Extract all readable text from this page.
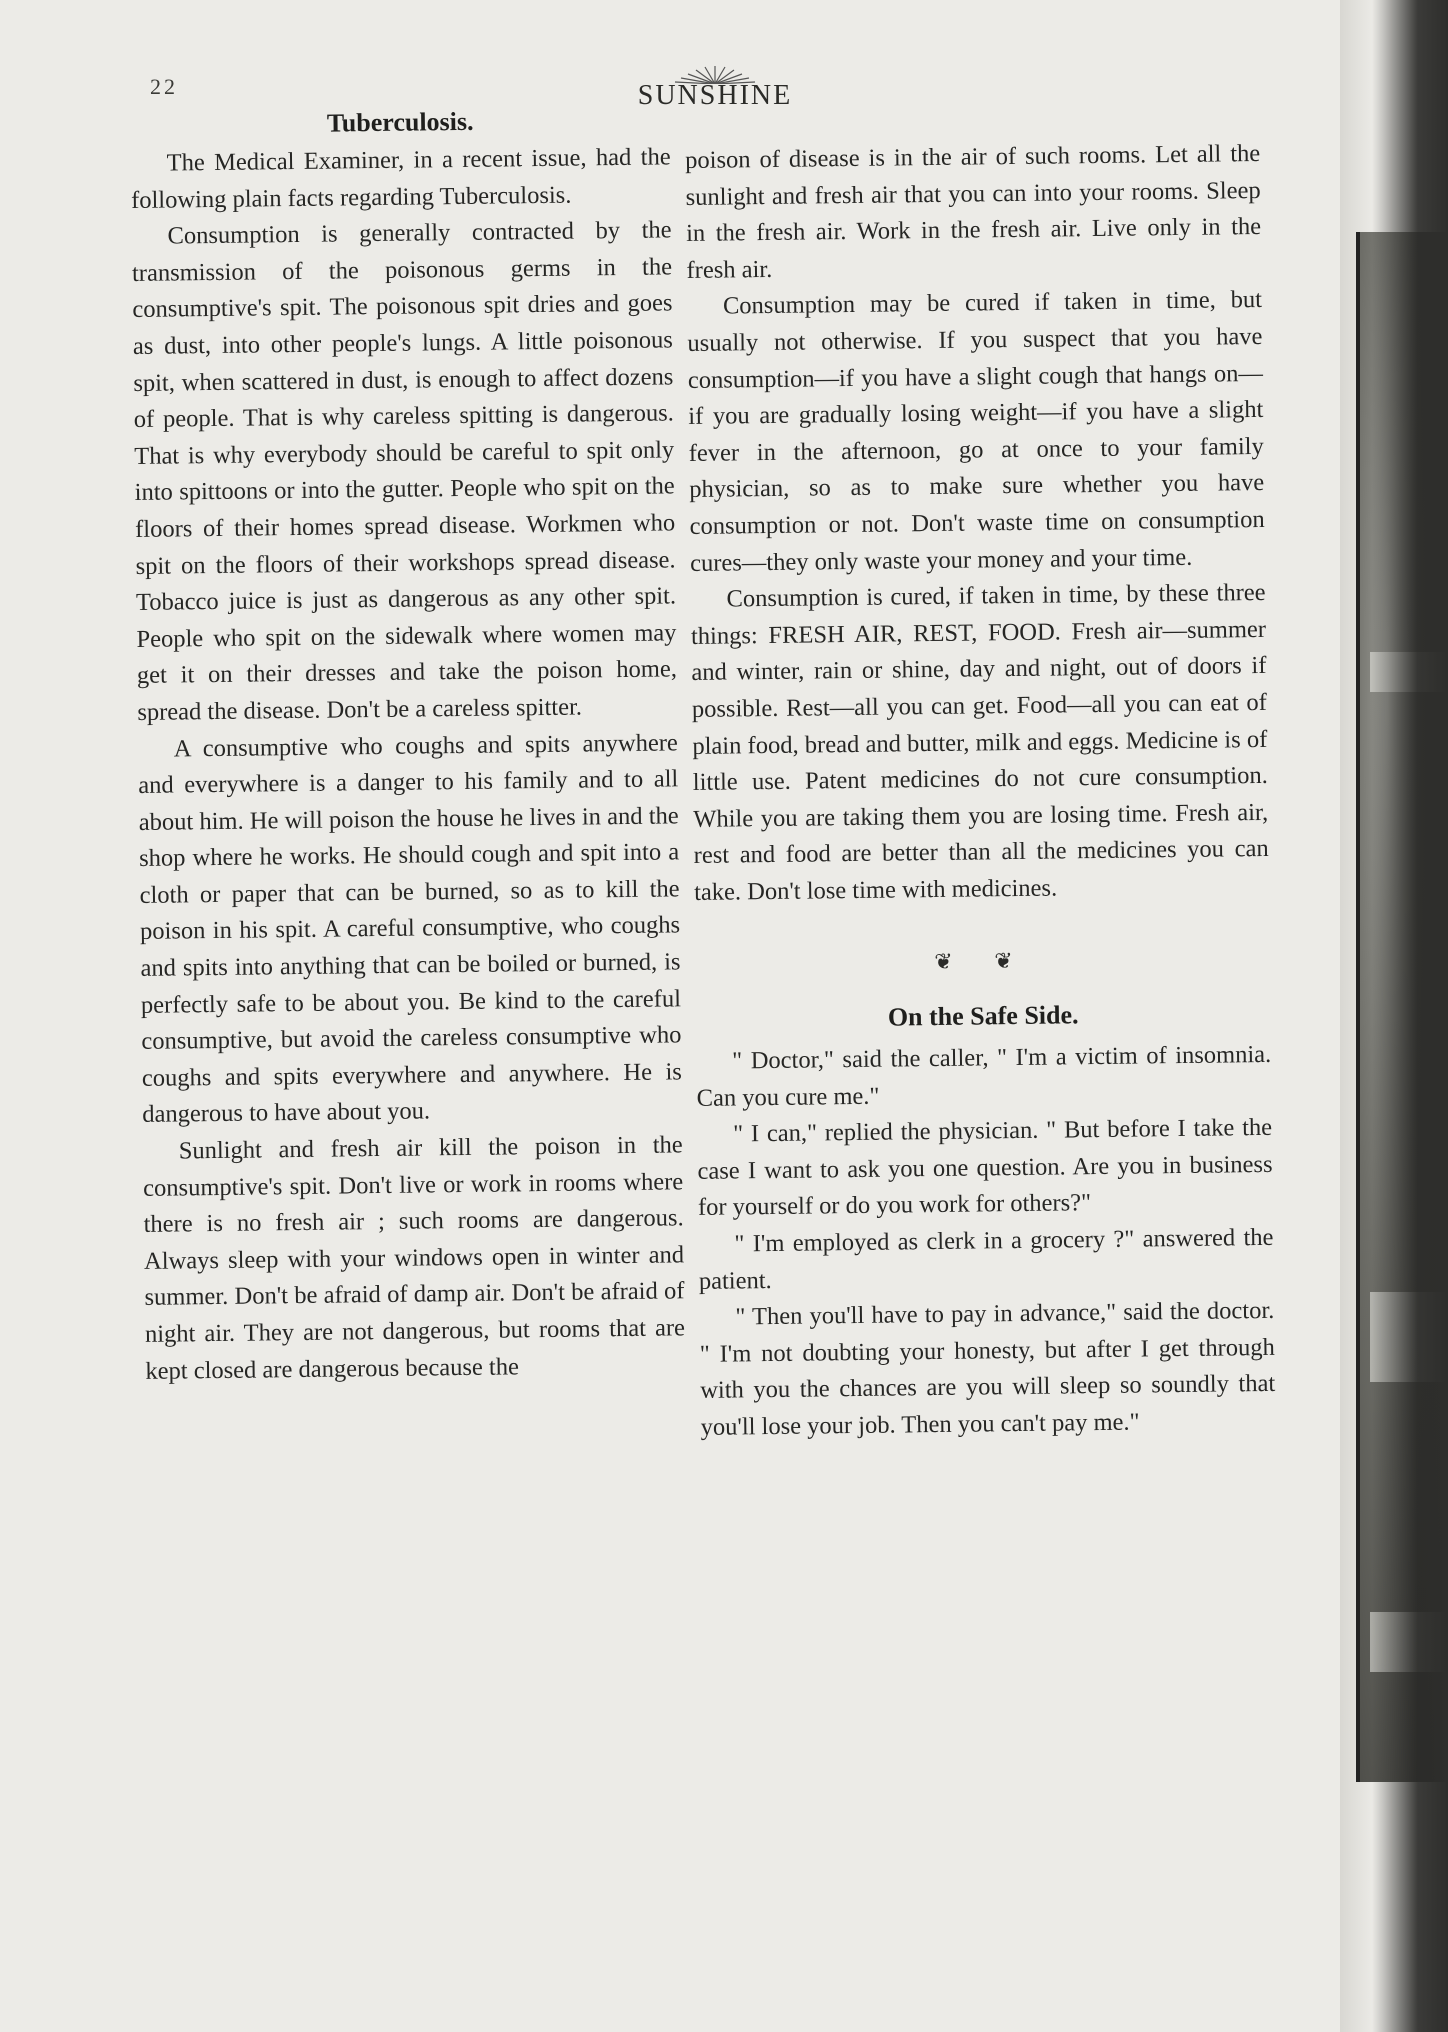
22	SUNSHINE
Tuberculosis.

The Medical Examiner, in a recent issue, had the following plain facts regarding Tuberculosis.

Consumption is generally contracted by the transmission of the poisonous germs in the consumptive's spit. The poisonous spit dries and goes as dust, into other people's lungs. A little poisonous spit, when scattered in dust, is enough to affect dozens of people. That is why careless spitting is dangerous. That is why everybody should be careful to spit only into spittoons or into the gutter. People who spit on the floors of their homes spread disease. Workmen who spit on the floors of their workshops spread disease. Tobacco juice is just as dangerous as any other spit. People who spit on the sidewalk where women may get it on their dresses and take the poison home, spread the disease. Don't be a careless spitter.

A consumptive who coughs and spits anywhere and everywhere is a danger to his family and to all about him. He will poison the house he lives in and the shop where he works. He should cough and spit into a cloth or paper that can be burned, so as to kill the poison in his spit. A careful consumptive, who coughs and spits into anything that can be boiled or burned, is perfectly safe to be about you. Be kind to the careful consumptive, but avoid the careless consumptive who coughs and spits everywhere and anywhere. He is dangerous to have about you.

Sunlight and fresh air kill the poison in the consumptive's spit. Don't live or work in rooms where there is no fresh air ; such rooms are dangerous. Always sleep with your windows open in winter and summer. Don't be afraid of damp air. Don't be afraid of night air. They are not dangerous, but rooms that are kept closed are dangerous because the

poison of disease is in the air of such rooms. Let all the sunlight and fresh air that you can into your rooms. Sleep in the fresh air. Work in the fresh air. Live only in the fresh air.

Consumption may be cured if taken in time, but usually not otherwise. If you suspect that you have consumption—if you have a slight cough that hangs on—if you are gradually losing weight—if you have a slight fever in the afternoon, go at once to your family physician, so as to make sure whether you have consumption or not. Don't waste time on consumption cures—they only waste your money and your time.

Consumption is cured, if taken in time, by these three things: FRESH AIR, REST, FOOD. Fresh air—summer and winter, rain or shine, day and night, out of doors if possible. Rest—all you can get. Food—all you can eat of plain food, bread and butter, milk and eggs. Medicine is of little use. Patent medicines do not cure consumption. While you are taking them you are losing time. Fresh air, rest and food are better than all the medicines you can take. Don't lose time with medicines.

❦ ❦
On the Safe Side.

" Doctor," said the caller, " I'm a victim of insomnia. Can you cure me."

" I can," replied the physician. " But before I take the case I want to ask you one question. Are you in business for yourself or do you work for others?"

" I'm employed as clerk in a grocery ?" answered the patient.

" Then you'll have to pay in advance," said the doctor. " I'm not doubting your honesty, but after I get through with you the chances are you will sleep so soundly that you'll lose your job. Then you can't pay me."
